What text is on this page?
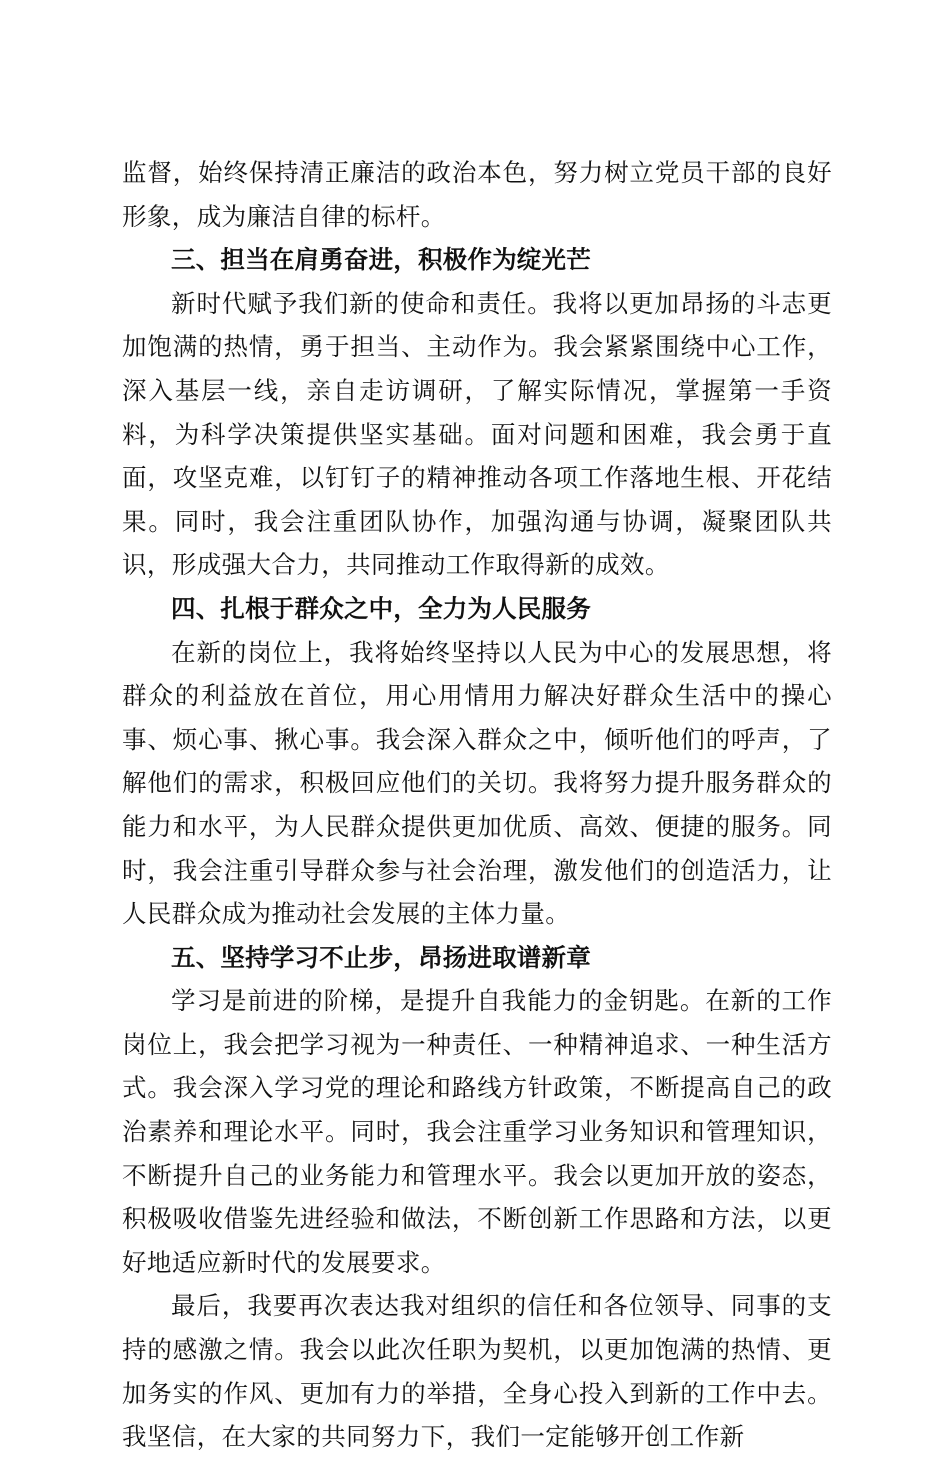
监督，始终保持清正廉洁的政治本色，努力树立党员干部的良好形象，成为廉洁自律的标杆。

三、担当在肩勇奋进，积极作为绽光芒

新时代赋予我们新的使命和责任。我将以更加昂扬的斗志更加饱满的热情，勇于担当、主动作为。我会紧紧围绕中心工作，深入基层一线，亲自走访调研，了解实际情况，掌握第一手资料，为科学决策提供坚实基础。面对问题和困难，我会勇于直面，攻坚克难，以钉钉子的精神推动各项工作落地生根、开花结果。同时，我会注重团队协作，加强沟通与协调，凝聚团队共识，形成强大合力，共同推动工作取得新的成效。

四、扎根于群众之中，全力为人民服务

在新的岗位上，我将始终坚持以人民为中心的发展思想，将群众的利益放在首位，用心用情用力解决好群众生活中的操心事、烦心事、揪心事。我会深入群众之中，倾听他们的呼声，了解他们的需求，积极回应他们的关切。我将努力提升服务群众的能力和水平，为人民群众提供更加优质、高效、便捷的服务。同时，我会注重引导群众参与社会治理，激发他们的创造活力，让人民群众成为推动社会发展的主体力量。

五、坚持学习不止步，昂扬进取谱新章

学习是前进的阶梯，是提升自我能力的金钥匙。在新的工作岗位上，我会把学习视为一种责任、一种精神追求、一种生活方式。我会深入学习党的理论和路线方针政策，不断提高自己的政治素养和理论水平。同时，我会注重学习业务知识和管理知识，不断提升自己的业务能力和管理水平。我会以更加开放的姿态，积极吸收借鉴先进经验和做法，不断创新工作思路和方法，以更好地适应新时代的发展要求。

最后，我要再次表达我对组织的信任和各位领导、同事的支持的感激之情。我会以此次任职为契机，以更加饱满的热情、更加务实的作风、更加有力的举措，全身心投入到新的工作中去。我坚信，在大家的共同努力下，我们一定能够开创工作新
